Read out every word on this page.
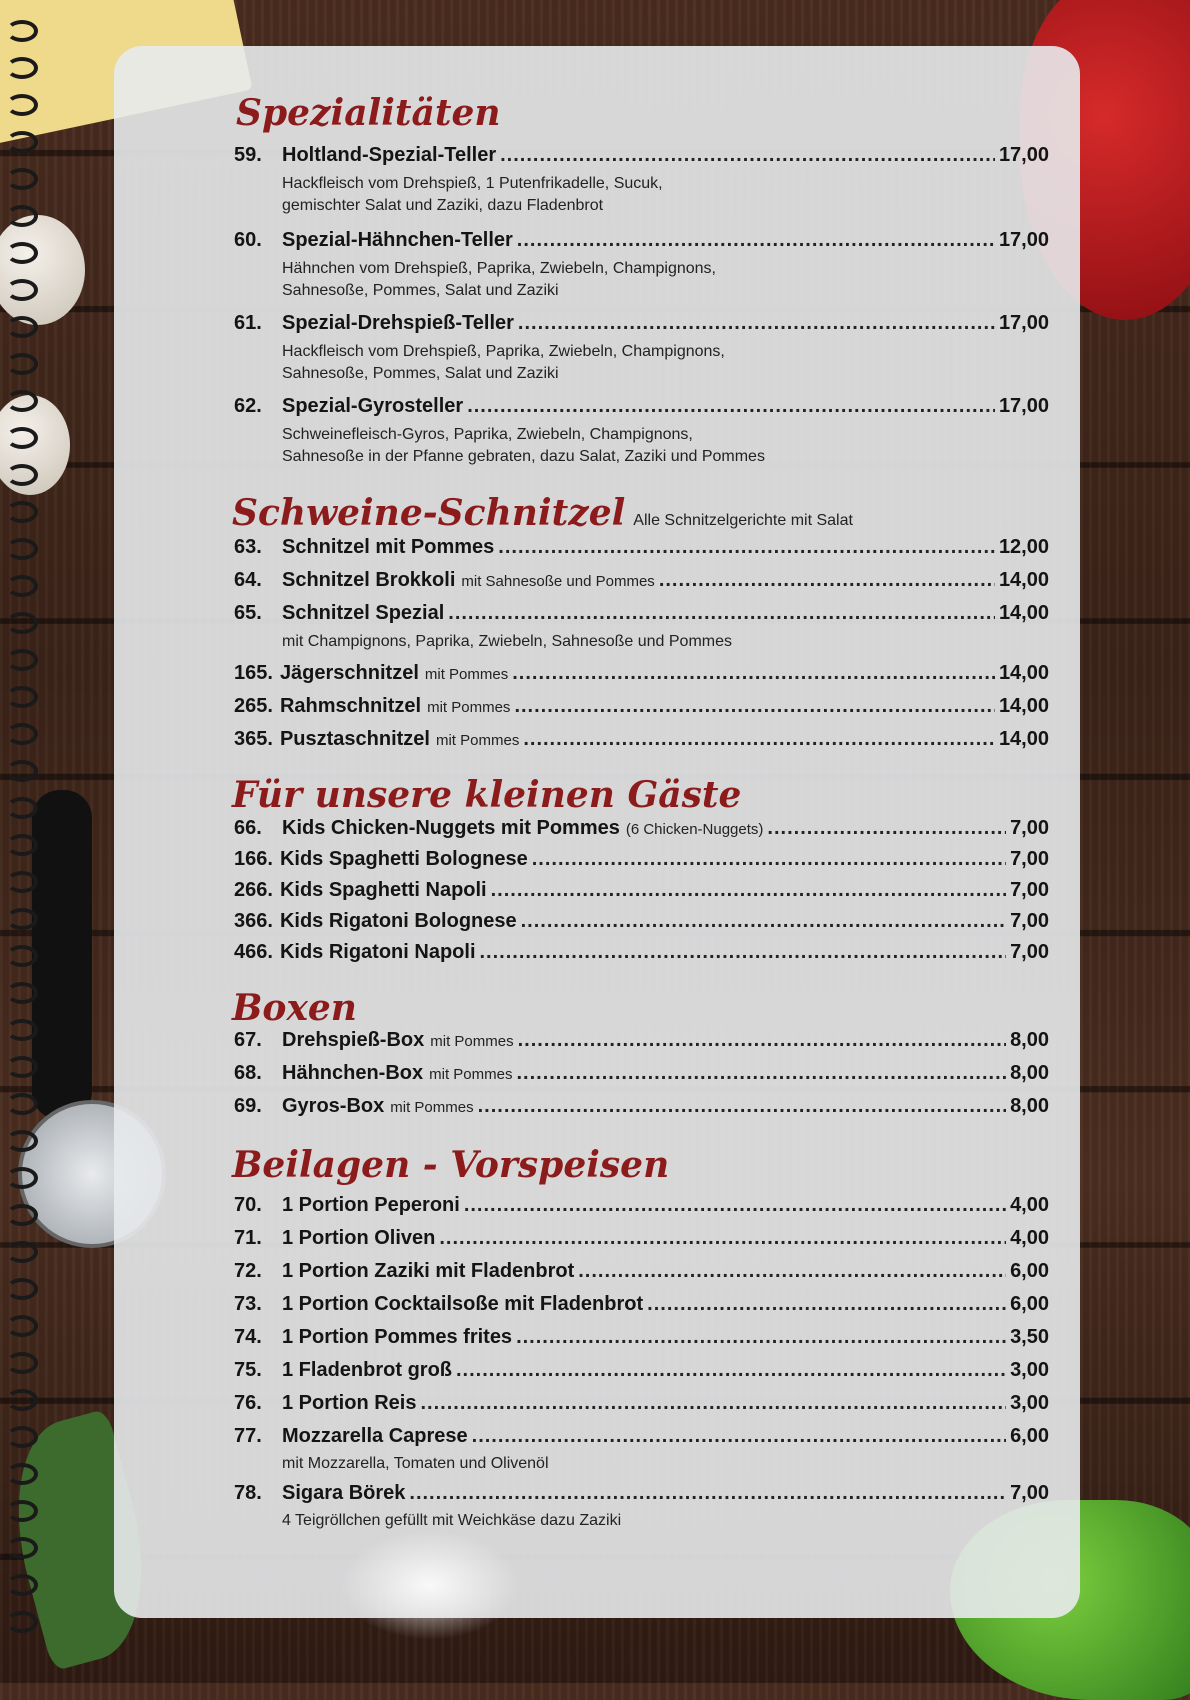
Spezialitäten
59.	Holtland-Spezial-Teller .....	17,00
Hackfleisch vom Drehspieß, 1 Putenfrikadelle, Sucuk,
gemischter Salat und Zaziki, dazu Fladenbrot
60.	Spezial-Hähnchen-Teller .....	17,00
Hähnchen vom Drehspieß, Paprika, Zwiebeln, Champignons,
Sahnesoße, Pommes, Salat und Zaziki
61.	Spezial-Drehspieß-Teller .....	17,00
Hackfleisch vom Drehspieß, Paprika, Zwiebeln, Champignons,
Sahnesoße, Pommes, Salat und Zaziki
62.	Spezial-Gyrosteller .....	17,00
Schweinefleisch-Gyros, Paprika, Zwiebeln, Champignons,
Sahnesoße in der Pfanne gebraten, dazu Salat, Zaziki und Pommes
Schweine-Schnitzel Alle Schnitzelgerichte mit Salat
63.	Schnitzel mit Pommes .....	12,00
64.	Schnitzel Brokkoli mit Sahnesoße und Pommes .....	14,00
65.	Schnitzel Spezial .....	14,00
mit Champignons, Paprika, Zwiebeln, Sahnesoße und Pommes
165. Jägerschnitzel mit Pommes .....	14,00
265. Rahmschnitzel mit Pommes .....	14,00
365. Pusztaschnitzel mit Pommes .....	14,00
Für unsere kleinen Gäste
66.	Kids Chicken-Nuggets mit Pommes (6 Chicken-Nuggets) .....	7,00
166. Kids Spaghetti Bolognese .....	7,00
266. Kids Spaghetti Napoli .....	7,00
366. Kids Rigatoni Bolognese .....	7,00
466. Kids Rigatoni Napoli .....	7,00
Boxen
67.	Drehspieß-Box mit Pommes .....	8,00
68.	Hähnchen-Box mit Pommes .....	8,00
69.	Gyros-Box mit Pommes .....	8,00
Beilagen - Vorspeisen
70.	1 Portion Peperoni .....	4,00
71.	1 Portion Oliven .....	4,00
72.	1 Portion Zaziki mit Fladenbrot .....	6,00
73.	1 Portion Cocktailsoße mit Fladenbrot .....	6,00
74.	1 Portion Pommes frites .....	3,50
75.	1 Fladenbrot groß .....	3,00
76.	1 Portion Reis .....	3,00
77.	Mozzarella Caprese .....	6,00
mit Mozzarella, Tomaten und Olivenöl
78.	Sigara Börek .....	7,00
4 Teigröllchen gefüllt mit Weichkäse dazu Zaziki
